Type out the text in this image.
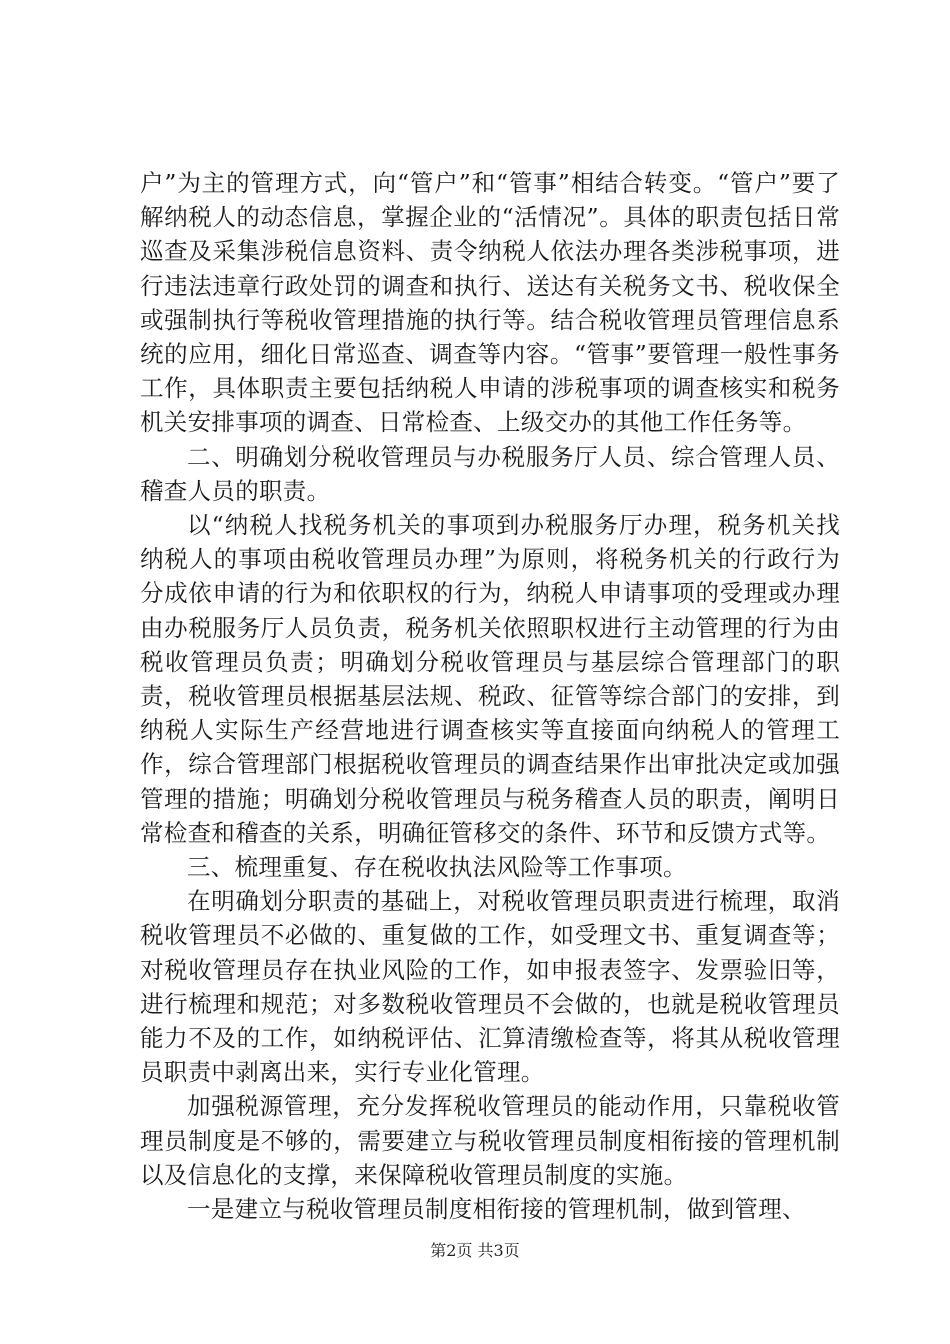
户”为主的管理方式，向“管户”和“管事”相结合转变。“管户”要了解纳税人的动态信息，掌握企业的“活情况”。具体的职责包括日常巡查及采集涉税信息资料、责令纳税人依法办理各类涉税事项，进行违法违章行政处罚的调查和执行、送达有关税务文书、税收保全或强制执行等税收管理措施的执行等。结合税收管理员管理信息系统的应用，细化日常巡查、调查等内容。“管事”要管理一般性事务工作，具体职责主要包括纳税人申请的涉税事项的调查核实和税务机关安排事项的调查、日常检查、上级交办的其他工作任务等。

二、明确划分税收管理员与办税服务厅人员、综合管理人员、稽查人员的职责。

以“纳税人找税务机关的事项到办税服务厅办理，税务机关找纳税人的事项由税收管理员办理”为原则，将税务机关的行政行为分成依申请的行为和依职权的行为，纳税人申请事项的受理或办理由办税服务厅人员负责，税务机关依照职权进行主动管理的行为由税收管理员负责；明确划分税收管理员与基层综合管理部门的职责，税收管理员根据基层法规、税政、征管等综合部门的安排，到纳税人实际生产经营地进行调查核实等直接面向纳税人的管理工作，综合管理部门根据税收管理员的调查结果作出审批决定或加强管理的措施；明确划分税收管理员与税务稽查人员的职责，阐明日常检查和稽查的关系，明确征管移交的条件、环节和反馈方式等。

三、梳理重复、存在税收执法风险等工作事项。

在明确划分职责的基础上，对税收管理员职责进行梳理，取消税收管理员不必做的、重复做的工作，如受理文书、重复调查等；对税收管理员存在执业风险的工作，如申报表签字、发票验旧等，进行梳理和规范；对多数税收管理员不会做的，也就是税收管理员能力不及的工作，如纳税评估、汇算清缴检查等，将其从税收管理员职责中剥离出来，实行专业化管理。

加强税源管理，充分发挥税收管理员的能动作用，只靠税收管理员制度是不够的，需要建立与税收管理员制度相衔接的管理机制以及信息化的支撑，来保障税收管理员制度的实施。

一是建立与税收管理员制度相衔接的管理机制，做到管理、

第2页 共3页
